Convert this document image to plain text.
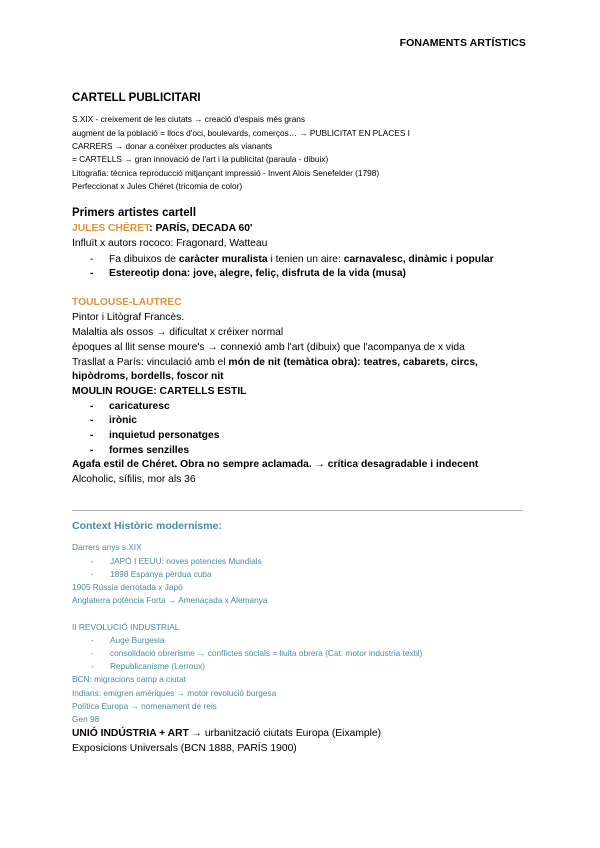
FONAMENTS ARTÍSTICS
CARTELL PUBLICITARI
S.XIX - creixement de les ciutats → creació d'espais més grans
augment de la població = llocs d'oci, boulevards, comerços… → PUBLICITAT EN PLACES I
CARRERS → donar a conèixer productes als vianants
= CARTELLS → gran innovació de l'art i la publicitat (paraula - dibuix)
Litografia: tècnica reproducció mitjançant impressió - Invent Alois Senefelder (1798)
Perfeccionat x Jules Chéret (tricomia de color)
Primers artistes cartell
JULES CHÉRET: PARÍS, DECADA 60'
Influït x autors rococo: Fragonard, Watteau
- Fa dibuixos de caràcter muralista i tenien un aire: carnavalesc, dinàmic i popular
- Estereotip dona: jove, alegre, feliç, disfruta de la vida (musa)
TOULOUSE-LAUTREC
Pintor i Litògraf Francès.
Malaltia als ossos → dificultat x créixer normal
èpoques al llit sense moure's → connexió amb l'art (dibuix) que l'acompanya de x vida
Trasllat a París: vinculació amb el món de nit (temàtica obra): teatres, cabarets, circs,
hipòdroms, bordells, foscor nit
MOULIN ROUGE: CARTELLS ESTIL
- caricaturesc
- irònic
- inquietud personatges
- formes senzilles
Agafa estil de Chéret. Obra no sempre aclamada. → crítica desagradable i indecent
Alcoholic, sífilis, mor als 36
Context Històric modernisme:
Darrers anys s.XIX
- JAPÓ I EEUU: noves potencies Mundials
- 1898 Espanya pèrdua cuba
1905 Rússia derrotada x Japó
Anglaterra potència Forta → Amenaçada x Alemanya
II REVOLUCIÓ INDUSTRIAL
- Auge Burgesia
- consolidació obrerisme → conflictes socials = lluita obrera (Cat. motor industria textil)
- Republicanisme (Lerroux)
BCN: migracions camp a ciutat
Indians: emigren amèriques → motor revolució burgesa
Política Europa → nomenament de reis
Gen 98
UNIÓ INDÚSTRIA + ART → urbanització ciutats Europa (Eixample)
Exposicions Universals (BCN 1888, PARÍS 1900)
